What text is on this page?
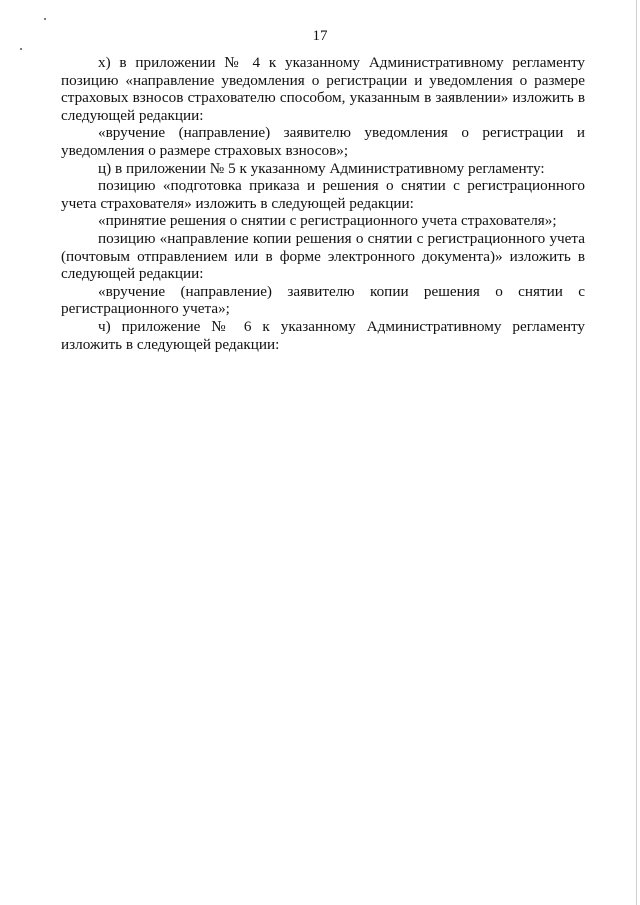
17

х) в приложении № 4 к указанному Административному регламенту позицию «направление уведомления о регистрации и уведомления о размере страховых взносов страхователю способом, указанным в заявлении» изложить в следующей редакции:

«вручение (направление) заявителю уведомления о регистрации и уведомления о размере страховых взносов»;

ц) в приложении № 5 к указанному Административному регламенту:

позицию «подготовка приказа и решения о снятии с регистрационного учета страхователя» изложить в следующей редакции:

«принятие решения о снятии с регистрационного учета страхователя»;

позицию «направление копии решения о снятии с регистрационного учета (почтовым отправлением или в форме электронного документа)» изложить в следующей редакции:

«вручение (направление) заявителю копии решения о снятии с регистрационного учета»;

ч) приложение № 6 к указанному Административному регламенту изложить в следующей редакции:
